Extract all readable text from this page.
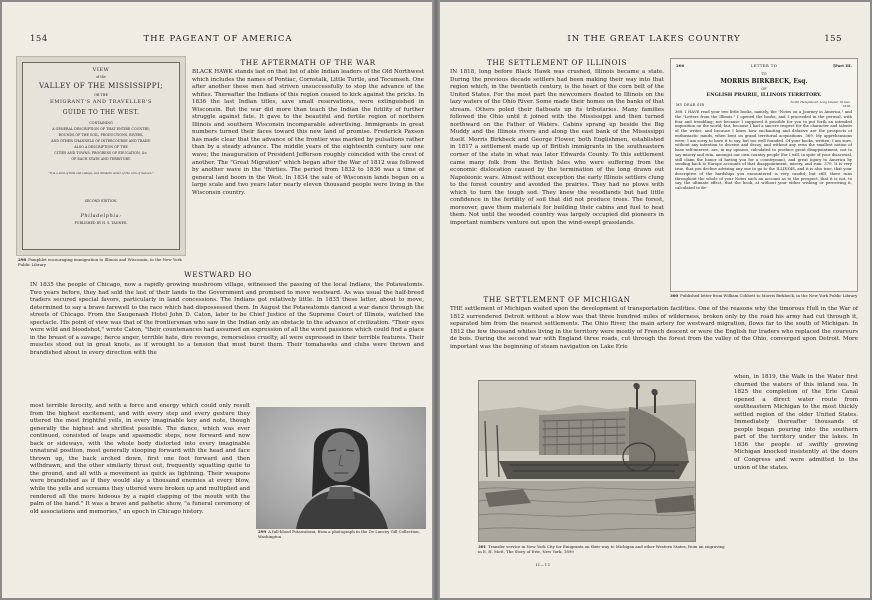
154	THE PAGEANT OF AMERICA
VIEW
of the
VALLEY OF THE MISSISSIPPI;
OR THE
EMIGRANT'S AND TRAVELLER'S
GUIDE TO THE WEST.
CONTAINING
A GENERAL DESCRIPTION OF THAT ENTIRE COUNTRY;
BOUNDS OF THE SOIL, PRODUCTIONS, RIVERS,
AND OTHER CHANNELS OF INTERCOURSE AND TRADE:
ALSO A DESCRIPTION OF THE
CITIES AND TOWNS, PROGRESS OF EDUCATION, &c.
OF EACH STATE AND TERRITORY.
"It is a land of hills and valleys, and drinketh water of the rain of heaven."
SECOND EDITION.
Philadelphia:
PUBLISHED BY H. S. TANNER.
298 Pamphlet encouraging immigration to Illinois and Wisconsin, in the New York Public Library
THE AFTERMATH OF THE WAR
BLACK HAWK stands last on that list of able Indian leaders of the Old Northwest which includes the names of Pontiac, Cornstalk, Little Turtle, and Tecumseh. One after another these men had striven unsuccessfully to stop the advance of the whites. Thereafter the Indians of this region ceased to kick against the pricks. In 1836 the last Indian titles, save small reservations, were extinguished in Wisconsin. But the war did more than teach the Indian the futility of further struggle against fate. It gave to the beautiful and fertile region of northern Illinois and southern Wisconsin incomparable advertising. Immigrants in great numbers turned their faces toward this new land of promise. Frederick Paxson has made clear that the advance of the frontier was marked by pulsations rather than by a steady advance. The middle years of the eighteenth century saw one wave; the inauguration of President Jefferson roughly coincided with the crest of another. The "Great Migration" which began after the War of 1812 was followed by another wave in the 'thirties. The period from 1832 to 1836 was a time of general land boom in the West. In 1834 the sale of Wisconsin lands began on a large scale and two years later nearly eleven thousand people were living in the Wisconsin country.
WESTWARD HO
IN 1835 the people of Chicago, now a rapidly growing mushroom village, witnessed the passing of the local Indians, the Potawatomis. Two years before, they had sold the last of their lands to the Government and promised to move westward. As was usual the half-breed traders secured special favors, particularly in land concessions. The Indians got relatively little. In 1835 these latter, about to move, determined to say a brave farewell to the race which had dispossessed them. In August the Potawatomis danced a war dance through the streets of Chicago. From the Saugenash Hotel John D. Caton, later to be Chief Justice of the Supreme Court of Illinois, watched the spectacle. His point of view was that of the frontiersman who saw in the Indian only an obstacle to the advance of civilization. "Their eyes were wild and bloodshot," wrote Caton, "their countenances had assumed an expression of all the worst passions which could find a place in the breast of a savage; fierce anger, terrible hate, dire revenge, remorseless cruelty, all were expressed in their terrible features. Their muscles stood out in great knots, as if wrought to a tension that must burst them. Their tomahawks and clubs were thrown and brandished about in every direction with the
most terrible ferocity, and with a force and energy which could only result from the highest excitement, and with every step and every gesture they uttered the most frightful yells, in every imaginable key and note, though generally the highest and shrillest possible. The dance, which was ever continued, consisted of leaps and spasmodic steps, now forward and now back or sideways, with the whole body distorted into every imaginable unnatural position, most generally stooping forward with the head and face thrown up, the back arched down, first one foot forward and then withdrawn, and the other similarly thrust out, frequently squatting quite to the ground, and all with a movement as quick as lightning. Their weapons were brandished as if they would slay a thousand enemies at every blow, while the yells and screams they uttered were broken up and multiplied and rendered all the more hideous by a rapid clapping of the mouth with the palm of the hand." It was a brave and pathetic show, "a funeral ceremony of old associations and memories," an epoch in Chicago history.
299 A full-blood Potawatomi, from a photograph in the De Lancey Gill Collection, Washington
IN THE GREAT LAKES COUNTRY	155
THE SETTLEMENT OF ILLINOIS
IN 1818, long before Black Hawk was crushed, Illinois became a state. During the previous decade settlers had been making their way into that region which, in the twentieth century, is the heart of the corn belt of the United States. For the most part the newcomers floated to Illinois on the lazy waters of the Ohio River. Some made their homes on the banks of that stream. Others poled their flatboats up its tributaries. Many families followed the Ohio until it joined with the Mississippi and then turned northward on the Father of Waters. Cabins sprang up beside the Big Muddy and the Illinois rivers and along the east bank of the Mississippi itself. Morris Birkbeck and George Flower, both Englishmen, established in 1817 a settlement made up of British immigrants in the southeastern corner of the state in what was later Edwards County. To this settlement came many folk from the British Isles who were suffering from the economic dislocation caused by the termination of the long drawn out Napoleonic wars. Almost without exception the early Illinois settlers clung to the forest country and avoided the prairies. They had no plows with which to turn the tough sod. They knew the woodlands but had little confidence in the fertility of soil that did not produce trees. The forest, moreover, gave them materials for building their cabins and fuel to heat them. Not until the wooded country was largely occupied did pioneers in important numbers venture out upon the wind-swept grasslands.
200	LETTER TO	[Part III.
TO
MORRIS BIRKBECK, Esq.
OF
ENGLISH PRAIRIE, ILLINOIS TERRITORY.
MY DEAR SIR
North Hempstead, Long Island, 10 Dec. 1818.
368. I HAVE read your two little books, namely, the "Notes on a Journey in America," and the "Letters from the Illinois." I opened the books, and I proceeded in the perusal, with fear and trembling; not because I supposed it possible for you to put forth an intended imposition on the world; but, because I had a sincere respect for the character and talents of the writer; and because I knew how enchanting and delusive are the prospects of enthusiastic minds, when bent on grand territorial acquisitions. 369. My apprehensions were, I am sorry to have it to say, but too well founded. Of your books, written, I am sure, without any intention to deceive and decoy, and without any even the smallest notion of base self-interest, are, in my opinion, calculated to produce great disappointment, not to say misery and ruin, amongst our own country people (for I will, in spite of your disavowal, still claim the honor of having you for a countryman), and great injury to America by sending back to Europe accounts of that disappointment, misery, and ruin. 370. It is very true, that you decline advising any one to go to the ILLINOIS, and it is also true, that your descriptive of the hardships you encountered is very candid; but still, there runs throughout the whole of your Notes such an account as to the prospect, that it is not, to say, the ultimate effect, that the book, at without your either wishing or perceiving it, calculated to de-
300 Published letter from William Cobbett to Morris Birkbeck, in the New York Public Library
THE SETTLEMENT OF MICHIGAN
THE settlement of Michigan waited upon the development of transportation facilities. One of the reasons why the timorous Hull in the War of 1812 surrendered Detroit without a blow was that three hundred miles of wilderness, broken only by the road his army had cut through it, separated him from the nearest settlements. The Ohio River, the main artery for westward migration, flows far to the south of Michigan. In 1812 the few thousand whites living in the territory were mostly of French descent or were the English fur traders who replaced the coureurs de bois. During the second war with England three roads, cut through the forest from the valley of the Ohio, converged upon Detroit. More important was the beginning of steam navigation on Lake Erie
when, in 1819, the Walk in the Water first churned the waters of this inland sea. In 1825 the completion of the Erie Canal opened a direct water route from southeastern Michigan to the most thickly settled region of the older United States. Immediately thereafter thousands of people began pouring into the southern part of the territory under the lakes. In 1836 the people of swiftly growing Michigan knocked insistently at the doors of Congress and were admitted to the union of the states.
301 Transfer service in New York City for Emigrants on their way to Michigan and other Western States, from an engraving in E. H. Mott, The Story of Erie, New York, 1899
II—11
